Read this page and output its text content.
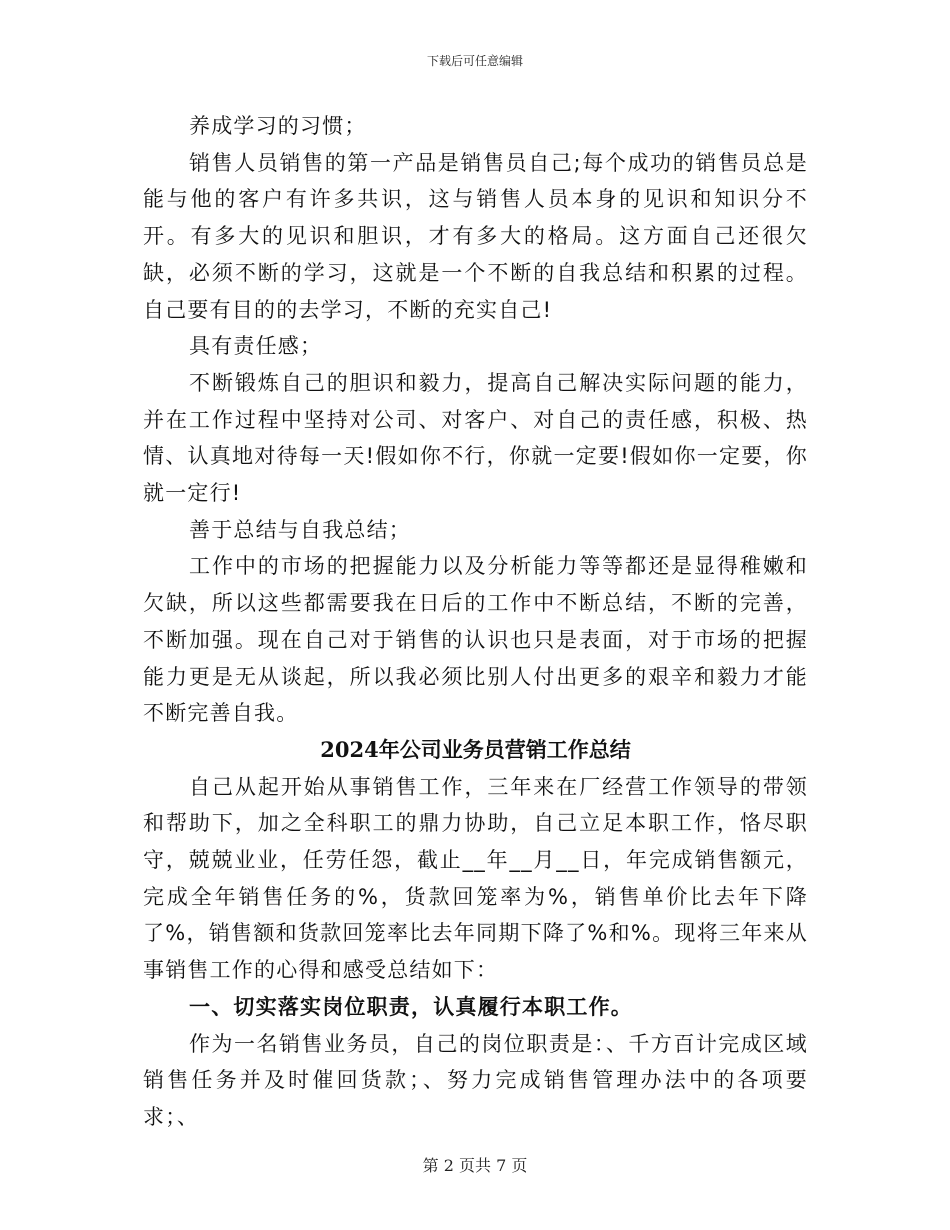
下载后可任意编辑

养成学习的习惯；

销售人员销售的第一产品是销售员自己;每个成功的销售员总是能与他的客户有许多共识，这与销售人员本身的见识和知识分不开。有多大的见识和胆识，才有多大的格局。这方面自己还很欠缺，必须不断的学习，这就是一个不断的自我总结和积累的过程。自己要有目的的去学习，不断的充实自己!

具有责任感；

不断锻炼自己的胆识和毅力，提高自己解决实际问题的能力，并在工作过程中坚持对公司、对客户、对自己的责任感，积极、热情、认真地对待每一天!假如你不行，你就一定要!假如你一定要，你就一定行!

善于总结与自我总结；

工作中的市场的把握能力以及分析能力等等都还是显得稚嫩和欠缺，所以这些都需要我在日后的工作中不断总结，不断的完善，不断加强。现在自己对于销售的认识也只是表面，对于市场的把握能力更是无从谈起，所以我必须比别人付出更多的艰辛和毅力才能不断完善自我。

2024年公司业务员营销工作总结

自己从起开始从事销售工作，三年来在厂经营工作领导的带领和帮助下，加之全科职工的鼎力协助，自己立足本职工作，恪尽职守，兢兢业业，任劳任怨，截止__年__月__日，年完成销售额元，完成全年销售任务的%，货款回笼率为%，销售单价比去年下降了%，销售额和货款回笼率比去年同期下降了%和%。现将三年来从事销售工作的心得和感受总结如下：

一、切实落实岗位职责，认真履行本职工作。

作为一名销售业务员，自己的岗位职责是：、千方百计完成区域销售任务并及时催回货款；、努力完成销售管理办法中的各项要求；、

第 2 页共 7 页
